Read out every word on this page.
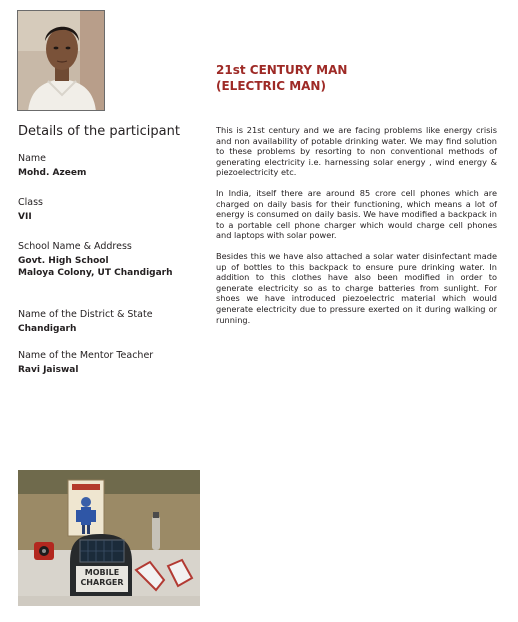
Details of the participant

Name

Mohd. Azeem

Class

VII

School Name & Address

Govt. High School

Maloya Colony, UT Chandigarh

Name of the District & State

Chandigarh

Name of the Mentor Teacher

Ravi Jaiswal

21st CENTURY MAN
(ELECTRIC MAN)

This is 21st century and we are facing problems like energy crisis and non availability of potable drinking water. We may find solution to these problems by resorting to non conventional methods of generating electricity i.e. harnessing solar energy , wind energy & piezoelectricity etc.

In India, itself there are around 85 crore cell phones which are charged on daily basis for their functioning, which means a lot of energy is consumed on daily basis. We have modified a backpack in to a portable cell phone charger which would charge cell phones and laptops with solar power.

Besides this we have also attached a solar water disinfectant made up of bottles to this backpack to ensure pure drinking water. In addition to this clothes have also been modified in order to generate electricity so as to charge batteries from sunlight. For shoes we have introduced piezoelectric material which would generate electricity due to pressure exerted on it during walking or running.

MOBILE CHARGER
